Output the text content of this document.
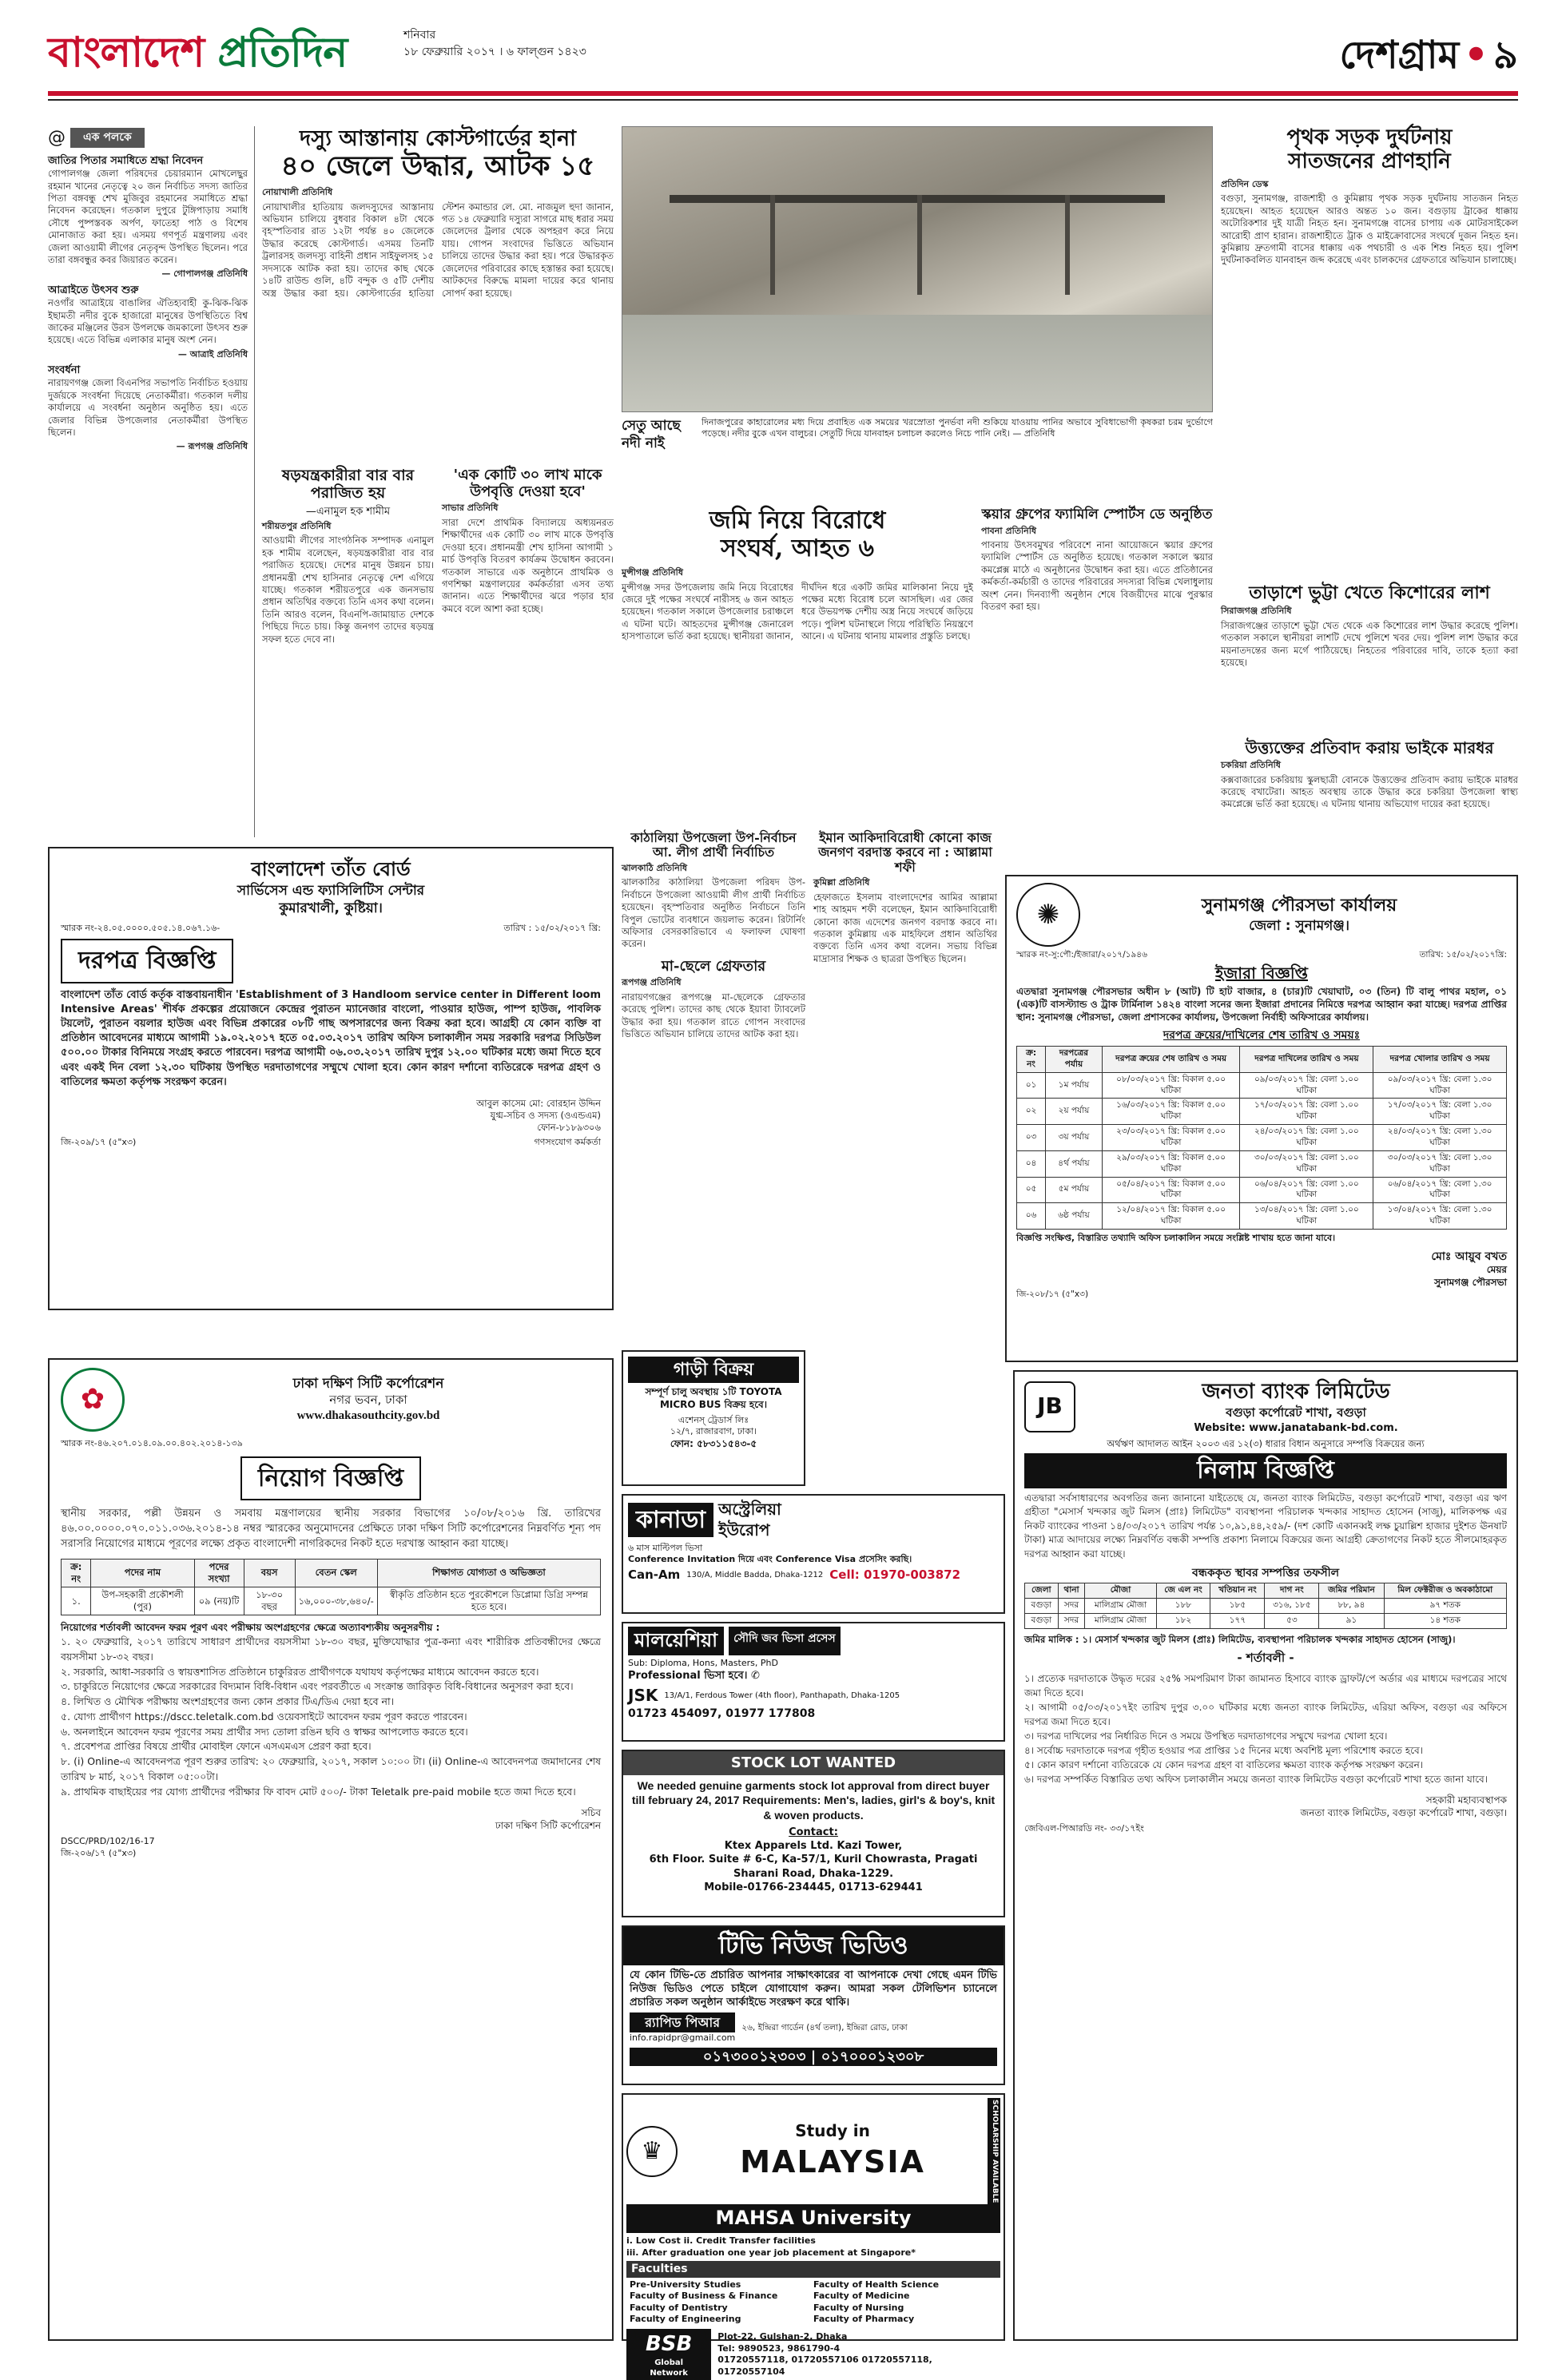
বাংলাদেশ প্রতিদিন	শনিবার
১৮ ফেব্রুয়ারি ২০১৭ । ৬ ফাল্গুন ১৪২৩	দেশগ্রাম • ৯
@	এক পলকে
জাতির পিতার সমাধিতে শ্রদ্ধা নিবেদন
গোপালগঞ্জ জেলা পরিষদের চেয়ারম্যান মোখলেছুর রহমান খানের নেতৃত্বে ২০ জন নির্বাচিত সদস্য জাতির পিতা বঙ্গবন্ধু শেখ মুজিবুর রহমানের সমাধিতে শ্রদ্ধা নিবেদন করেছেন। গতকাল দুপুরে টুঙ্গিপাড়ায় সমাধি সৌধে পুষ্পস্তবক অর্পণ, ফাতেহা পাঠ ও বিশেষ মোনাজাত করা হয়। এসময় গণপূর্ত মন্ত্রণালয় এবং জেলা আওয়ামী লীগের নেতৃবৃন্দ উপস্থিত ছিলেন। পরে তারা বঙ্গবন্ধুর কবর জিয়ারত করেন।
— গোপালগঞ্জ প্রতিনিধি
আত্রাইতে উৎসব শুরু
নওগাঁর আত্রাইয়ে বাঙালির ঐতিহ্যবাহী কু-ঝিক-ঝিক ইছামতী নদীর বুকে হাজারো মানুষের উপস্থিতিতে বিশ্ব জাকের মঞ্জিলের উরস উপলক্ষে জমকালো উৎসব শুরু হয়েছে। এতে বিভিন্ন এলাকার মানুষ অংশ নেন।
— আত্রাই প্রতিনিধি
সংবর্ধনা
নারায়ণগঞ্জ জেলা বিএনপির সভাপতি নির্বাচিত হওয়ায় দুর্জয়কে সংবর্ধনা দিয়েছে নেতাকর্মীরা। গতকাল দলীয় কার্যালয়ে এ সংবর্ধনা অনুষ্ঠান অনুষ্ঠিত হয়। এতে জেলার বিভিন্ন উপজেলার নেতাকর্মীরা উপস্থিত ছিলেন।
— রূপগঞ্জ প্রতিনিধি
দস্যু আস্তানায় কোস্টগার্ডের হানা
৪০ জেলে উদ্ধার, আটক ১৫
নোয়াখালী প্রতিনিধি
নোয়াখালীর হাতিয়ায় জলদস্যুদের আস্তানায় অভিযান চালিয়ে বুধবার বিকাল ৪টা থেকে বৃহস্পতিবার রাত ১২টা পর্যন্ত ৪০ জেলেকে উদ্ধার করেছে কোস্টগার্ড। এসময় তিনটি ট্রলারসহ জলদস্যু বাহিনী প্রধান সাইফুলসহ ১৫ সদস্যকে আটক করা হয়। তাদের কাছ থেকে ১৪টি রাউন্ড গুলি, ৪টি বন্দুক ও ৫টি দেশীয় অস্ত্র উদ্ধার করা হয়। কোস্টগার্ডের হাতিয়া স্টেশন কমান্ডার লে. মো. নাজমুল হুদা জানান, গত ১৪ ফেব্রুয়ারি দস্যুরা সাগরে মাছ ধরার সময় জেলেদের ট্রলার থেকে অপহরণ করে নিয়ে যায়। গোপন সংবাদের ভিত্তিতে অভিযান চালিয়ে তাদের উদ্ধার করা হয়। পরে উদ্ধারকৃত জেলেদের পরিবারের কাছে হস্তান্তর করা হয়েছে। আটকদের বিরুদ্ধে মামলা দায়ের করে থানায় সোপর্দ করা হয়েছে।
সেতু আছে নদী নাই
দিনাজপুরের কাহারোলের মধ্য দিয়ে প্রবাহিত এক সময়ের খরস্রোতা পুনর্ভবা নদী শুকিয়ে যাওয়ায় পানির অভাবে সুবিধাভোগী কৃষকরা চরম দুর্ভোগে পড়েছে। নদীর বুকে এখন বালুচর। সেতুটি দিয়ে যানবাহন চলাচল করলেও নিচে পানি নেই। — প্রতিনিধি
ষড়যন্ত্রকারীরা বার বার পরাজিত হয়
—এনামুল হক শামীম
শরীয়তপুর প্রতিনিধি
আওয়ামী লীগের সাংগঠনিক সম্পাদক এনামুল হক শামীম বলেছেন, ষড়যন্ত্রকারীরা বার বার পরাজিত হয়েছে। দেশের মানুষ উন্নয়ন চায়। প্রধানমন্ত্রী শেখ হাসিনার নেতৃত্বে দেশ এগিয়ে যাচ্ছে। গতকাল শরীয়তপুরে এক জনসভায় প্রধান অতিথির বক্তব্যে তিনি এসব কথা বলেন। তিনি আরও বলেন, বিএনপি-জামায়াত দেশকে পিছিয়ে দিতে চায়। কিন্তু জনগণ তাদের ষড়যন্ত্র সফল হতে দেবে না।
'এক কোটি ৩০ লাখ মাকে উপবৃত্তি দেওয়া হবে'
সাভার প্রতিনিধি
সারা দেশে প্রাথমিক বিদ্যালয়ে অধ্যয়নরত শিক্ষার্থীদের এক কোটি ৩০ লাখ মাকে উপবৃত্তি দেওয়া হবে। প্রধানমন্ত্রী শেখ হাসিনা আগামী ১ মার্চ উপবৃত্তি বিতরণ কার্যক্রম উদ্বোধন করবেন। গতকাল সাভারে এক অনুষ্ঠানে প্রাথমিক ও গণশিক্ষা মন্ত্রণালয়ের কর্মকর্তারা এসব তথ্য জানান। এতে শিক্ষার্থীদের ঝরে পড়ার হার কমবে বলে আশা করা হচ্ছে।
জমি নিয়ে বিরোধে
সংঘর্ষ, আহত ৬
মুন্সীগঞ্জ প্রতিনিধি
মুন্সীগঞ্জ সদর উপজেলায় জমি নিয়ে বিরোধের জেরে দুই পক্ষের সংঘর্ষে নারীসহ ৬ জন আহত হয়েছেন। গতকাল সকালে উপজেলার চরাঞ্চলে এ ঘটনা ঘটে। আহতদের মুন্সীগঞ্জ জেনারেল হাসপাতালে ভর্তি করা হয়েছে। স্থানীয়রা জানান, দীর্ঘদিন ধরে একটি জমির মালিকানা নিয়ে দুই পক্ষের মধ্যে বিরোধ চলে আসছিল। এর জের ধরে উভয়পক্ষ দেশীয় অস্ত্র নিয়ে সংঘর্ষে জড়িয়ে পড়ে। পুলিশ ঘটনাস্থলে গিয়ে পরিস্থিতি নিয়ন্ত্রণে আনে। এ ঘটনায় থানায় মামলার প্রস্তুতি চলছে।
স্কয়ার গ্রুপের ফ্যামিলি স্পোর্টস ডে অনুষ্ঠিত
পাবনা প্রতিনিধি
পাবনায় উৎসবমুখর পরিবেশে নানা আয়োজনে স্কয়ার গ্রুপের ফ্যামিলি স্পোর্টস ডে অনুষ্ঠিত হয়েছে। গতকাল সকালে স্কয়ার কমপ্লেক্স মাঠে এ অনুষ্ঠানের উদ্বোধন করা হয়। এতে প্রতিষ্ঠানের কর্মকর্তা-কর্মচারী ও তাদের পরিবারের সদস্যরা বিভিন্ন খেলাধুলায় অংশ নেন। দিনব্যাপী অনুষ্ঠান শেষে বিজয়ীদের মাঝে পুরস্কার বিতরণ করা হয়।
কাঠালিয়া উপজেলা উপ-নির্বাচন আ. লীগ প্রার্থী নির্বাচিত
ঝালকাঠি প্রতিনিধি
ঝালকাঠির কাঠালিয়া উপজেলা পরিষদ উপ-নির্বাচনে উপজেলা আওয়ামী লীগ প্রার্থী নির্বাচিত হয়েছেন। বৃহস্পতিবার অনুষ্ঠিত নির্বাচনে তিনি বিপুল ভোটের ব্যবধানে জয়লাভ করেন। রিটার্নিং অফিসার বেসরকারিভাবে এ ফলাফল ঘোষণা করেন।
মা-ছেলে গ্রেফতার
রূপগঞ্জ প্রতিনিধি
নারায়ণগঞ্জের রূপগঞ্জে মা-ছেলেকে গ্রেফতার করেছে পুলিশ। তাদের কাছ থেকে ইয়াবা ট্যাবলেট উদ্ধার করা হয়। গতকাল রাতে গোপন সংবাদের ভিত্তিতে অভিযান চালিয়ে তাদের আটক করা হয়।
ইমান আকিদাবিরোধী কোনো কাজ জনগণ বরদাস্ত করবে না : আল্লামা শফী
কুমিল্লা প্রতিনিধি
হেফাজতে ইসলাম বাংলাদেশের আমির আল্লামা শাহ আহমদ শফী বলেছেন, ইমান আকিদাবিরোধী কোনো কাজ এদেশের জনগণ বরদাস্ত করবে না। গতকাল কুমিল্লায় এক মাহফিলে প্রধান অতিথির বক্তব্যে তিনি এসব কথা বলেন। সভায় বিভিন্ন মাদ্রাসার শিক্ষক ও ছাত্ররা উপস্থিত ছিলেন।
পৃথক সড়ক দুর্ঘটনায়
সাতজনের প্রাণহানি
প্রতিদিন ডেস্ক
বগুড়া, সুনামগঞ্জ, রাজশাহী ও কুমিল্লায় পৃথক সড়ক দুর্ঘটনায় সাতজন নিহত হয়েছেন। আহত হয়েছেন আরও অন্তত ১০ জন। বগুড়ায় ট্রাকের ধাক্কায় অটোরিকশার দুই যাত্রী নিহত হন। সুনামগঞ্জে বাসের চাপায় এক মোটরসাইকেল আরোহী প্রাণ হারান। রাজশাহীতে ট্রাক ও মাইক্রোবাসের সংঘর্ষে দুজন নিহত হন। কুমিল্লায় দ্রুতগামী বাসের ধাক্কায় এক পথচারী ও এক শিশু নিহত হয়। পুলিশ দুর্ঘটনাকবলিত যানবাহন জব্দ করেছে এবং চালকদের গ্রেফতারে অভিযান চালাচ্ছে।
তাড়াশে ভুট্টা খেতে কিশোরের লাশ
সিরাজগঞ্জ প্রতিনিধি
সিরাজগঞ্জের তাড়াশে ভুট্টা খেত থেকে এক কিশোরের লাশ উদ্ধার করেছে পুলিশ। গতকাল সকালে স্থানীয়রা লাশটি দেখে পুলিশে খবর দেয়। পুলিশ লাশ উদ্ধার করে ময়নাতদন্তের জন্য মর্গে পাঠিয়েছে। নিহতের পরিবারের দাবি, তাকে হত্যা করা হয়েছে।
উত্ত্যক্তের প্রতিবাদ করায় ভাইকে মারধর
চকরিয়া প্রতিনিধি
কক্সবাজারের চকরিয়ায় স্কুলছাত্রী বোনকে উত্ত্যক্তের প্রতিবাদ করায় ভাইকে মারধর করেছে বখাটেরা। আহত অবস্থায় তাকে উদ্ধার করে চকরিয়া উপজেলা স্বাস্থ্য কমপ্লেক্সে ভর্তি করা হয়েছে। এ ঘটনায় থানায় অভিযোগ দায়ের করা হয়েছে।
বাংলাদেশ তাঁত বোর্ড
সার্ভিসেস এন্ড ফ্যাসিলিটিস সেন্টার
কুমারখালী, কুষ্টিয়া।
স্মারক নং-২৪.০৫.০০০০.৫০৫.১৪.০৬৭.১৬-	তারিখ : ১৫/০২/২০১৭ খ্রি:
দরপত্র বিজ্ঞপ্তি
বাংলাদেশ তাঁত বোর্ড কর্তৃক বাস্তবায়নাধীন 'Establishment of 3 Handloom service center in Different loom Intensive Areas' শীর্ষক প্রকল্পের প্রয়োজনে কেন্দ্রের পুরাতন ম্যানেজার বাংলো, পাওয়ার হাউজ, পাম্প হাউজ, পাবলিক টয়লেট, পুরাতন বয়লার হাউজ এবং বিভিন্ন প্রকারের ০৮টি গাছ অপসারণের জন্য বিক্রয় করা হবে। আগ্রহী যে কোন ব্যক্তি বা প্রতিষ্ঠান আবেদনের মাধ্যমে আগামী ১৯.০২.২০১৭ হতে ০৫.০৩.২০১৭ তারিখ অফিস চলাকালীন সময় সরকারি দরপত্র সিডিউল ৫০০.০০ টাকার বিনিময়ে সংগ্রহ করতে পারবেন। দরপত্র আগামী ০৬.০৩.২০১৭ তারিখ দুপুর ১২.০০ ঘটিকার মধ্যে জমা দিতে হবে এবং একই দিন বেলা ১২.৩০ ঘটিকায় উপস্থিত দরদাতাগণের সম্মুখে খোলা হবে। কোন কারণ দর্শানো ব্যতিরেকে দরপত্র গ্রহণ ও বাতিলের ক্ষমতা কর্তৃপক্ষ সংরক্ষণ করেন।
আবুল কাসেম মো: বোরহান উদ্দিন
যুগ্ম-সচিব ও সদস্য (ওএন্ডএম)
ফোন-৮১৮৯৩০৬
জি-২০৯/১৭ (৫"x৩)	গণসংযোগ কর্মকর্তা
গাড়ী বিক্রয়
সম্পূর্ণ চালু অবস্থায় ১টি TOYOTA MICRO BUS বিক্রয় হবে।
এশেনস্ ট্রেডার্স লিঃ
১২/৭, রাজারবাগ, ঢাকা।
ফোন: ৫৮৩১১৫৪৩-৫
কানাডা অস্ট্রেলিয়া
ইউরোপ
৬ মাস মাল্টিপল ভিসা
Conference Invitation দিয়ে এবং Conference Visa প্রসেসিং করছি।
Can-Am 130/A, Middle Badda, Dhaka-1212 Cell: 01970-003872
মালয়েশিয়া	সৌদি জব ভিসা প্রসেস
Sub: Diploma, Hons, Masters, PhD
Professional ভিসা হবে। ✆
JSK 13/A/1, Ferdous Tower (4th floor), Panthapath, Dhaka-1205
01723 454097, 01977 177808
STOCK LOT WANTED
We needed genuine garments stock lot approval from direct buyer till february 24, 2017 Requirements: Men's, ladies, girl's & boy's, knit & woven products.
Contact:
Ktex Apparels Ltd. Kazi Tower,
6th Floor. Suite # 6-C, Ka-57/1, Kuril Chowrasta, Pragati Sharani Road, Dhaka-1229.
Mobile-01766-234445, 01713-629441
টিভি নিউজ ভিডিও
যে কোন টিভি-তে প্রচারিত আপনার সাক্ষাৎকারের বা আপনাকে দেখা গেছে এমন টিভি নিউজ ভিডিও পেতে চাইলে যোগাযোগ করুন। আমরা সকল টেলিভিশন চ্যানেলে প্রচারিত সকল অনুষ্ঠান আর্কাইভে সংরক্ষণ করে থাকি।
র‍্যাপিড পিআর
info.rapidpr@gmail.com
২৬, ইন্দ্রিরা গার্ডেন (৪র্থ তলা), ইন্দ্রিরা রোড, ঢাকা
০১৭৩০০১২৩০৩ | ০১৭০০০১২৩০৮
♛
Study in
MALAYSIA	SCHOLARSHIP AVAILABLE
MAHSA University
i. Low Cost ii. Credit Transfer facilities
iii. After graduation one year job placement at Singapore*
Faculties
Pre-University Studies	Faculty of Health Science
Faculty of Business & Finance	Faculty of Medicine
Faculty of Dentistry	Faculty of Nursing
Faculty of Engineering	Faculty of Pharmacy
BSB
Global Network
Plot-22, Gulshan-2, Dhaka
Tel: 9890523, 9861790-4
01720557118, 01720557106 01720557118, 01720557104
✺	সুনামগঞ্জ পৌরসভা কার্যালয়
জেলা : সুনামগঞ্জ।
স্মারক নং-সু:পৌ:/ইজারা/২০১৭/১৯৪৬	তারিখ: ১৫/০২/২০১৭খ্রি:
ইজারা বিজ্ঞপ্তি
এতদ্বারা সুনামগঞ্জ পৌরসভার অধীন ৮ (আট) টি হাট বাজার, ৪ (চার)টি খেয়াঘাট, ০৩ (তিন) টি বালু পাথর মহাল, ০১ (এক)টি বাসস্ট্যান্ড ও ট্রাক টার্মিনাল ১৪২৪ বাংলা সনের জন্য ইজারা প্রদানের নিমিত্তে দরপত্র আহ্বান করা যাচ্ছে। দরপত্র প্রাপ্তির স্থান: সুনামগঞ্জ পৌরসভা, জেলা প্রশাসকের কার্যালয়, উপজেলা নির্বাহী অফিসারের কার্যালয়।
দরপত্র ক্রয়ের/দাখিলের শেষ তারিখ ও সময়ঃ
ক্র: নং	দরপত্রের পর্যায়	দরপত্র ক্রয়ের শেষ তারিখ ও সময়	দরপত্র দাখিলের তারিখ ও সময়	দরপত্র খোলার তারিখ ও সময়
০১	১ম পর্যায়	০৮/০৩/২০১৭ খ্রি: বিকাল ৫.০০ ঘটিকা	০৯/০৩/২০১৭ খ্রি: বেলা ১.০০ ঘটিকা	০৯/০৩/২০১৭ খ্রি: বেলা ১.৩০ ঘটিকা
০২	২য় পর্যায়	১৬/০৩/২০১৭ খ্রি: বিকাল ৫.০০ ঘটিকা	১৭/০৩/২০১৭ খ্রি: বেলা ১.০০ ঘটিকা	১৭/০৩/২০১৭ খ্রি: বেলা ১.৩০ ঘটিকা
০৩	৩য় পর্যায়	২৩/০৩/২০১৭ খ্রি: বিকাল ৫.০০ ঘটিকা	২৪/০৩/২০১৭ খ্রি: বেলা ১.০০ ঘটিকা	২৪/০৩/২০১৭ খ্রি: বেলা ১.৩০ ঘটিকা
০৪	৪র্থ পর্যায়	২৯/০৩/২০১৭ খ্রি: বিকাল ৫.০০ ঘটিকা	৩০/০৩/২০১৭ খ্রি: বেলা ১.০০ ঘটিকা	৩০/০৩/২০১৭ খ্রি: বেলা ১.৩০ ঘটিকা
০৫	৫ম পর্যায়	০৫/০৪/২০১৭ খ্রি: বিকাল ৫.০০ ঘটিকা	০৬/০৪/২০১৭ খ্রি: বেলা ১.০০ ঘটিকা	০৬/০৪/২০১৭ খ্রি: বেলা ১.৩০ ঘটিকা
০৬	৬ষ্ঠ পর্যায়	১২/০৪/২০১৭ খ্রি: বিকাল ৫.০০ ঘটিকা	১৩/০৪/২০১৭ খ্রি: বেলা ১.০০ ঘটিকা	১৩/০৪/২০১৭ খ্রি: বেলা ১.৩০ ঘটিকা
বিজ্ঞপ্তি সংক্ষিপ্ত, বিস্তারিত তথ্যাদি অফিস চলাকালিন সময়ে সংশ্লিষ্ট শাখায় হতে জানা যাবে।
মোঃ আয়ুব বখত
মেয়র
সুনামগঞ্জ পৌরসভা
জি-২০৮/১৭ (৫"x৩)
✿	ঢাকা দক্ষিণ সিটি কর্পোরেশন
নগর ভবন, ঢাকা
www.dhakasouthcity.gov.bd
স্মারক নং-৪৬.২০৭.০১৪.০৯.০০.৪০২.২০১৪-১৩৯
নিয়োগ বিজ্ঞপ্তি
স্থানীয় সরকার, পল্লী উন্নয়ন ও সমবায় মন্ত্রণালয়ের স্থানীয় সরকার বিভাগের ১০/০৮/২০১৬ খ্রি. তারিখের ৪৬.০০.০০০০.০৭০.০১১.০৩৬.২০১৪-১৪ নম্বর স্মারকের অনুমোদনের প্রেক্ষিতে ঢাকা দক্ষিণ সিটি কর্পোরেশনের নিম্নবর্ণিত শূন্য পদ সরাসরি নিয়োগের মাধ্যমে পূরণের লক্ষ্যে প্রকৃত বাংলাদেশী নাগরিকদের নিকট হতে দরখাস্ত আহ্বান করা যাচ্ছে।
ক্র: নং	পদের নাম	পদের সংখ্যা	বয়স	বেতন স্কেল	শিক্ষাগত যোগ্যতা ও অভিজ্ঞতা
১.	উপ-সহকারী প্রকৌশলী (পুর)	০৯ (নয়)টি	১৮-৩০ বছর	১৬,০০০-৩৮,৬৪০/-	স্বীকৃতি প্রতিষ্ঠান হতে পুরকৌশলে ডিপ্লোমা ডিগ্রি সম্পন্ন হতে হবে।
নিয়োগের শর্তাবলী আবেদন ফরম পূরণ এবং পরীক্ষায় অংশগ্রহণের ক্ষেত্রে অত্যাবশ্যকীয় অনুসরণীয় :
১. ২০ ফেব্রুয়ারি, ২০১৭ তারিখে সাধারণ প্রার্থীদের বয়সসীমা ১৮-৩০ বছর, মুক্তিযোদ্ধার পুত্র-কন্যা এবং শারীরিক প্রতিবন্ধীদের ক্ষেত্রে বয়সসীমা ১৮-৩২ বছর।
২. সরকারি, আধা-সরকারি ও স্বায়ত্তশাসিত প্রতিষ্ঠানে চাকুরিরত প্রার্থীগণকে যথাযথ কর্তৃপক্ষের মাধ্যমে আবেদন করতে হবে।
৩. চাকুরিতে নিয়োগের ক্ষেত্রে সরকারের বিদ্যমান বিধি-বিধান এবং পরবর্তীতে এ সংক্রান্ত জারিকৃত বিধি-বিধানের অনুসরণ করা হবে।
৪. লিখিত ও মৌখিক পরীক্ষায় অংশগ্রহণের জন্য কোন প্রকার টিএ/ডিএ দেয়া হবে না।
৫. যোগ্য প্রার্থীগণ https://dscc.teletalk.com.bd ওয়েবসাইটে আবেদন ফরম পূরণ করতে পারবেন।
৬. অনলাইনে আবেদন ফরম পূরণের সময় প্রার্থীর সদ্য তোলা রঙিন ছবি ও স্বাক্ষর আপলোড করতে হবে।
৭. প্রবেশপত্র প্রাপ্তির বিষয়ে প্রার্থীর মোবাইল ফোনে এসএমএস প্রেরণ করা হবে।
৮. (i) Online-এ আবেদনপত্র পূরণ শুরুর তারিখ: ২০ ফেব্রুয়ারি, ২০১৭, সকাল ১০:০০ টা। (ii) Online-এ আবেদনপত্র জমাদানের শেষ তারিখ ৮ মার্চ, ২০১৭ বিকাল ০৫:০০টা।
৯. প্রাথমিক বাছাইয়ের পর যোগ্য প্রার্থীদের পরীক্ষার ফি বাবদ মোট ৫০০/- টাকা Teletalk pre-paid mobile হতে জমা দিতে হবে।
সচিব
ঢাকা দক্ষিণ সিটি কর্পোরেশন
DSCC/PRD/102/16-17
জি-২০৬/১৭ (৫"x৩)
JB
জনতা ব্যাংক লিমিটেড
বগুড়া কর্পোরেট শাখা, বগুড়া
Website: www.janatabank-bd.com.
অর্থঋণ আদালত আইন ২০০৩ এর ১২(৩) ধারার বিধান অনুসারে সম্পত্তি বিক্রয়ের জন্য
নিলাম বিজ্ঞপ্তি
এতদ্বারা সর্বসাধারণের অবগতির জন্য জানানো যাইতেছে যে, জনতা ব্যাংক লিমিটেড, বগুড়া কর্পোরেট শাখা, বগুড়া এর ঋণ গ্রহীতা "মেসার্স খন্দকার জুট মিলস (প্রাঃ) লিমিটেড" ব্যবস্থাপনা পরিচালক খন্দকার সাহাদত হোসেন (সাজু), মালিকপক্ষ এর নিকট ব্যাংকের পাওনা ১৪/০৩/২০১৭ তারিখ পর্যন্ত ১০,৯১,৪৪,২৫৯/- (দশ কোটি একানব্বই লক্ষ চুয়াল্লিশ হাজার দুইশত ঊনষাট টাকা) মাত্র আদায়ের লক্ষ্যে নিম্নবর্ণিত বন্ধকী সম্পত্তি প্রকাশ্য নিলামে বিক্রয়ের জন্য আগ্রহী ক্রেতাগণের নিকট হতে সীলমোহরকৃত দরপত্র আহ্বান করা যাচ্ছে।
বন্ধককৃত স্থাবর সম্পত্তির তফসীল
জেলা	থানা	মৌজা	জে এল নং	খতিয়ান নং	দাগ নং	জমির পরিমান	মিল ফেক্টরীজ ও অবকাঠামো
বগুড়া	সদর	মালিগ্রাম মৌজা	১৮৮	১৮৫	৩১৬, ১৮৫	৮৮, ৯৪	৯৭ শতক
বগুড়া	সদর	মালিগ্রাম মৌজা	১৮২	১৭৭	৫৩	৯১	১৪ শতক
জমির মালিক : ১। মেসার্স খন্দকার জুট মিলস (প্রাঃ) লিমিটেড, ব্যবস্থাপনা পরিচালক খন্দকার সাহাদত হোসেন (সাজু)।
- শর্তাবলী -
১। প্রত্যেক দরদাতাকে উদ্ধৃত দরের ২৫% সমপরিমাণ টাকা জামানত হিসাবে ব্যাংক ড্রাফট/পে অর্ডার এর মাধ্যমে দরপত্রের সাথে জমা দিতে হবে।
২। আগামী ০৫/০৩/২০১৭ইং তারিখ দুপুর ৩.০০ ঘটিকার মধ্যে জনতা ব্যাংক লিমিটেড, এরিয়া অফিস, বগুড়া এর অফিসে দরপত্র জমা দিতে হবে।
৩। দরপত্র দাখিলের পর নির্ধারিত দিনে ও সময়ে উপস্থিত দরদাতাগণের সম্মুখে দরপত্র খোলা হবে।
৪। সর্বোচ্চ দরদাতাকে দরপত্র গৃহীত হওয়ার পত্র প্রাপ্তির ১৫ দিনের মধ্যে অবশিষ্ট মূল্য পরিশোধ করতে হবে।
৫। কোন কারণ দর্শানো ব্যতিরেকে যে কোন দরপত্র গ্রহণ বা বাতিলের ক্ষমতা ব্যাংক কর্তৃপক্ষ সংরক্ষণ করেন।
৬। দরপত্র সম্পর্কিত বিস্তারিত তথ্য অফিস চলাকালীন সময়ে জনতা ব্যাংক লিমিটেড বগুড়া কর্পোরেট শাখা হতে জানা যাবে।
সহকারী মহাব্যবস্থাপক
জনতা ব্যাংক লিমিটেড, বগুড়া কর্পোরেট শাখা, বগুড়া।
জেবিএল-পিআরডি নং- ৩৩/১৭ইং
